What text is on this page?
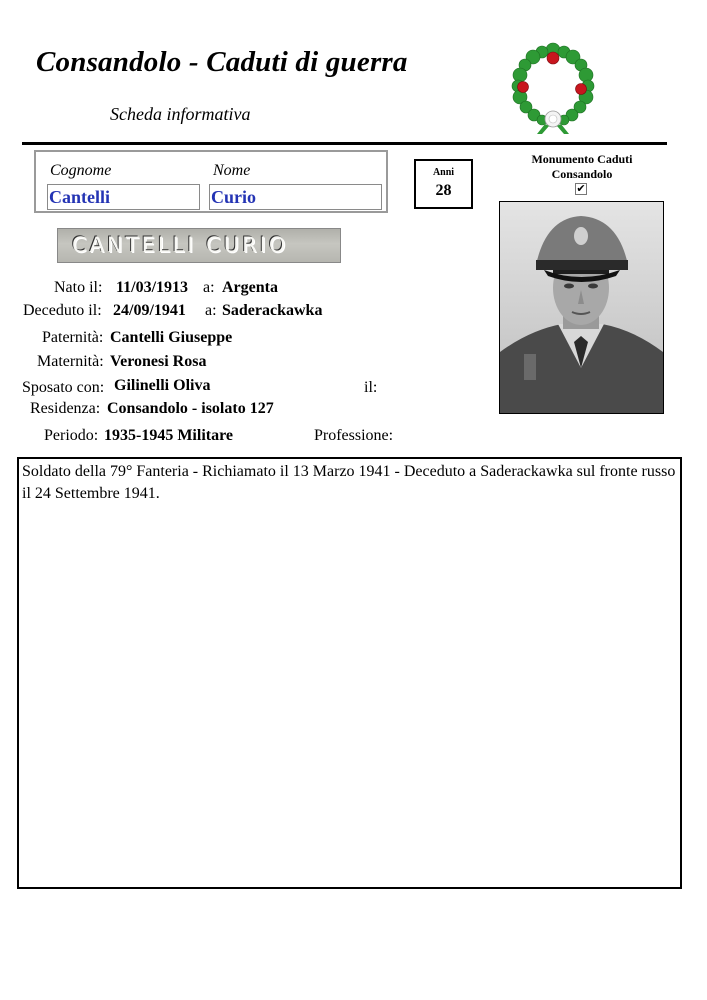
Consandolo - Caduti di guerra
Scheda informativa
Cognome	Nome
Cantelli	Curio
Anni
28
Monumento Caduti
Consandolo
✔
CANTELLI CURIO
Nato il: 11/03/1913 a: Argenta
Deceduto il: 24/09/1941 a: Saderackawka
Paternità: Cantelli Giuseppe
Maternità: Veronesi Rosa
Sposato con: Gilinelli Oliva	il:
Residenza: Consandolo - isolato 127
Periodo: 1935-1945 Militare	Professione:
Soldato della 79° Fanteria - Richiamato il 13 Marzo 1941 - Deceduto a Saderackawka sul fronte russo il 24 Settembre 1941.
